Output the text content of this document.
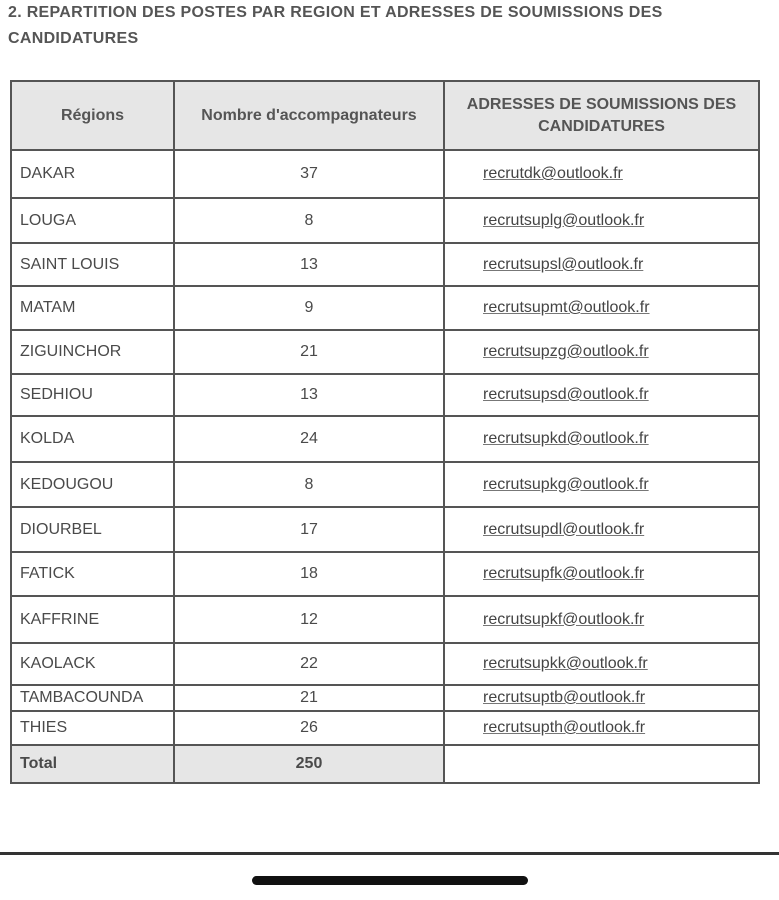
2. REPARTITION DES POSTES PAR REGION ET ADRESSES DE SOUMISSIONS DES CANDIDATURES
Régions	Nombre d'accompagnateurs	ADRESSES DE SOUMISSIONS DES CANDIDATURES
DAKAR	37	recrutdk@outlook.fr
LOUGA	8	recrutsuplg@outlook.fr
SAINT LOUIS	13	recrutsupsl@outlook.fr
MATAM	9	recrutsupmt@outlook.fr
ZIGUINCHOR	21	recrutsupzg@outlook.fr
SEDHIOU	13	recrutsupsd@outlook.fr
KOLDA	24	recrutsupkd@outlook.fr
KEDOUGOU	8	recrutsupkg@outlook.fr
DIOURBEL	17	recrutsupdl@outlook.fr
FATICK	18	recrutsupfk@outlook.fr
KAFFRINE	12	recrutsupkf@outlook.fr
KAOLACK	22	recrutsupkk@outlook.fr
TAMBACOUNDA	21	recrutsuptb@outlook.fr
THIES	26	recrutsupth@outlook.fr
Total	250	
